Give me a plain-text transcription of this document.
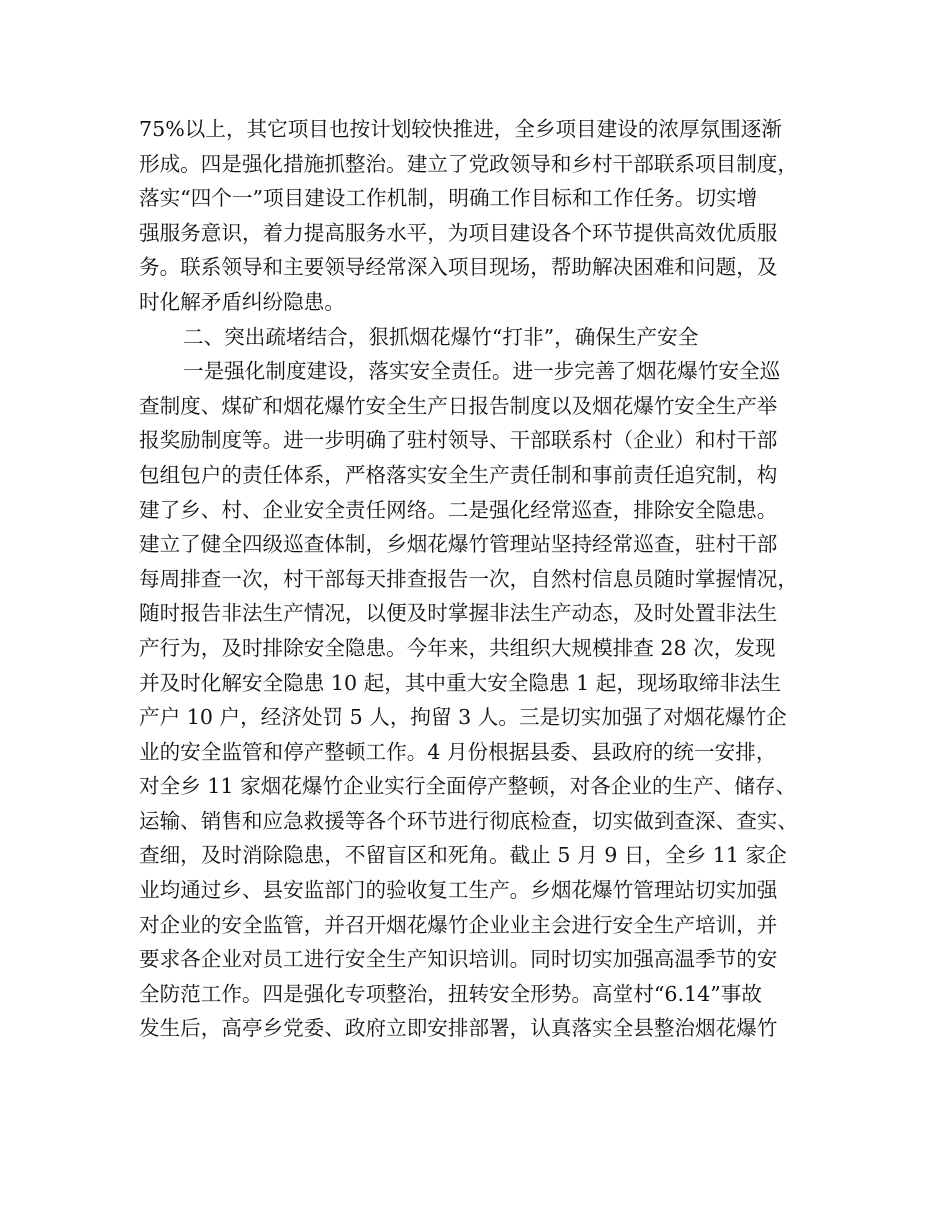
75%以上，其它项目也按计划较快推进，全乡项目建设的浓厚氛围逐渐
形成。四是强化措施抓整治。建立了党政领导和乡村干部联系项目制度，
落实“四个一”项目建设工作机制，明确工作目标和工作任务。切实增
强服务意识，着力提高服务水平，为项目建设各个环节提供高效优质服
务。联系领导和主要领导经常深入项目现场，帮助解决困难和问题，及
时化解矛盾纠纷隐患。
二、突出疏堵结合，狠抓烟花爆竹“打非”，确保生产安全
一是强化制度建设，落实安全责任。进一步完善了烟花爆竹安全巡
查制度、煤矿和烟花爆竹安全生产日报告制度以及烟花爆竹安全生产举
报奖励制度等。进一步明确了驻村领导、干部联系村（企业）和村干部
包组包户的责任体系，严格落实安全生产责任制和事前责任追究制，构
建了乡、村、企业安全责任网络。二是强化经常巡查，排除安全隐患。
建立了健全四级巡查体制，乡烟花爆竹管理站坚持经常巡查，驻村干部
每周排查一次，村干部每天排查报告一次，自然村信息员随时掌握情况，
随时报告非法生产情况，以便及时掌握非法生产动态，及时处置非法生
产行为，及时排除安全隐患。今年来，共组织大规模排查 28 次，发现
并及时化解安全隐患 10 起，其中重大安全隐患 1 起，现场取缔非法生
产户 10 户，经济处罚 5 人，拘留 3 人。三是切实加强了对烟花爆竹企
业的安全监管和停产整顿工作。4 月份根据县委、县政府的统一安排，
对全乡 11 家烟花爆竹企业实行全面停产整顿，对各企业的生产、储存、
运输、销售和应急救援等各个环节进行彻底检查，切实做到查深、查实、
查细，及时消除隐患，不留盲区和死角。截止 5 月 9 日，全乡 11 家企
业均通过乡、县安监部门的验收复工生产。乡烟花爆竹管理站切实加强
对企业的安全监管，并召开烟花爆竹企业业主会进行安全生产培训，并
要求各企业对员工进行安全生产知识培训。同时切实加强高温季节的安
全防范工作。四是强化专项整治，扭转安全形势。高堂村“6.14”事故
发生后，高亭乡党委、政府立即安排部署，认真落实全县整治烟花爆竹
